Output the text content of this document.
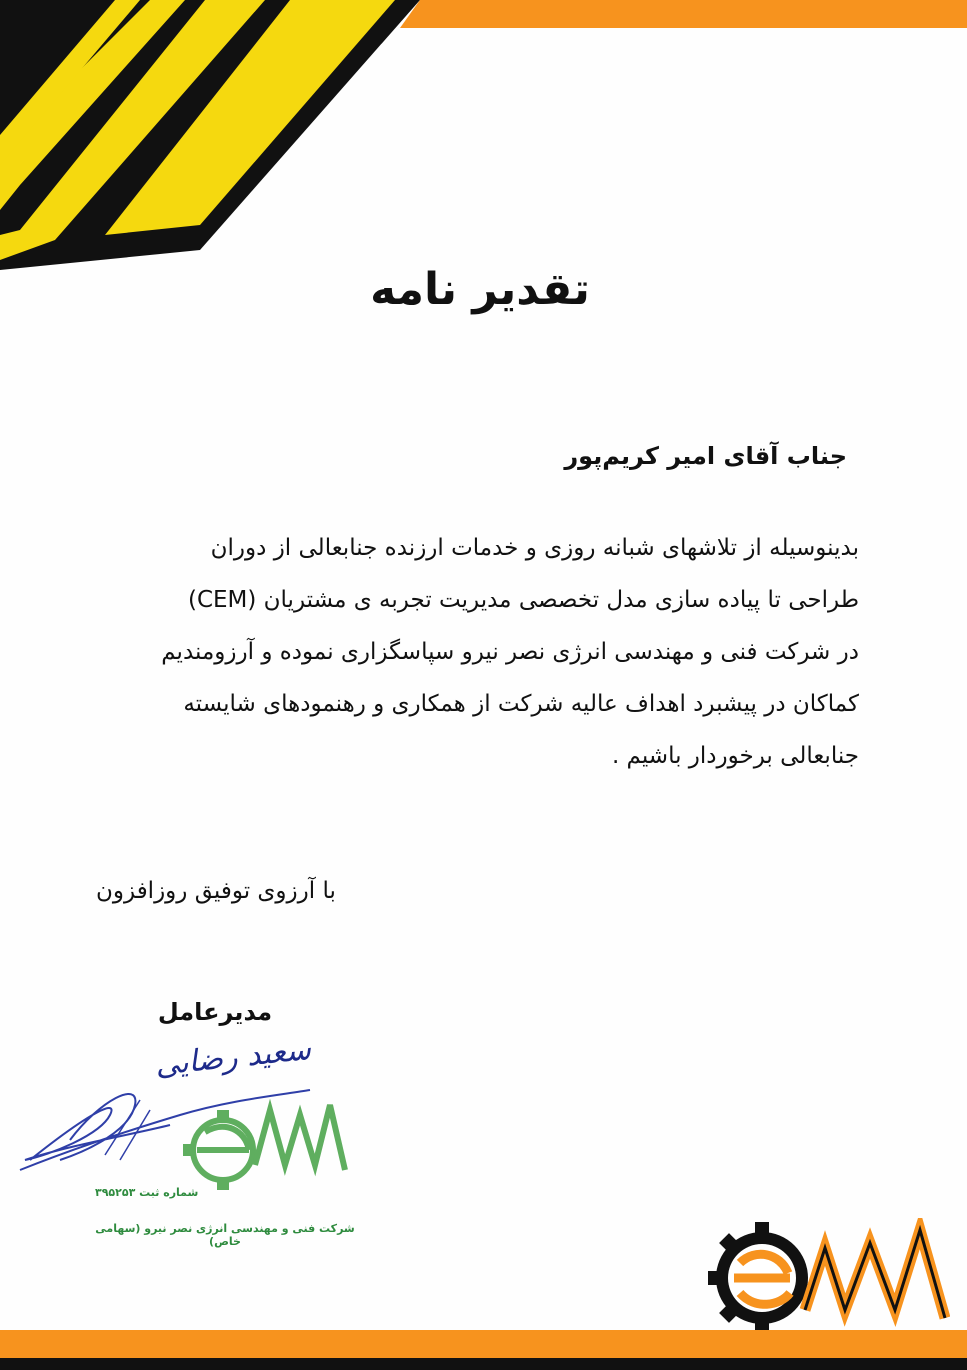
تقدیر نامه
جناب آقای امیر کریم‌پور
بدینوسیله از تلاشهای شبانه روزی و خدمات ارزنده جنابعالی از دوران
طراحی تا پیاده سازی مدل تخصصی مدیریت تجربه ی مشتریان (CEM)
در شرکت فنی و مهندسی انرژی نصر نیرو سپاسگزاری نموده و آرزومندیم
کماکان در پیشبرد اهداف عالیه شرکت از همکاری و رهنمودهای شایسته
جنابعالی برخوردار باشیم .
با آرزوی توفیق روزافزون
مدیرعامل
سعید رضایی
شماره ثبت ۳۹۵۲۵۳
شرکت فنی و مهندسی انرژی نصر نیرو (سهامی خاص)
